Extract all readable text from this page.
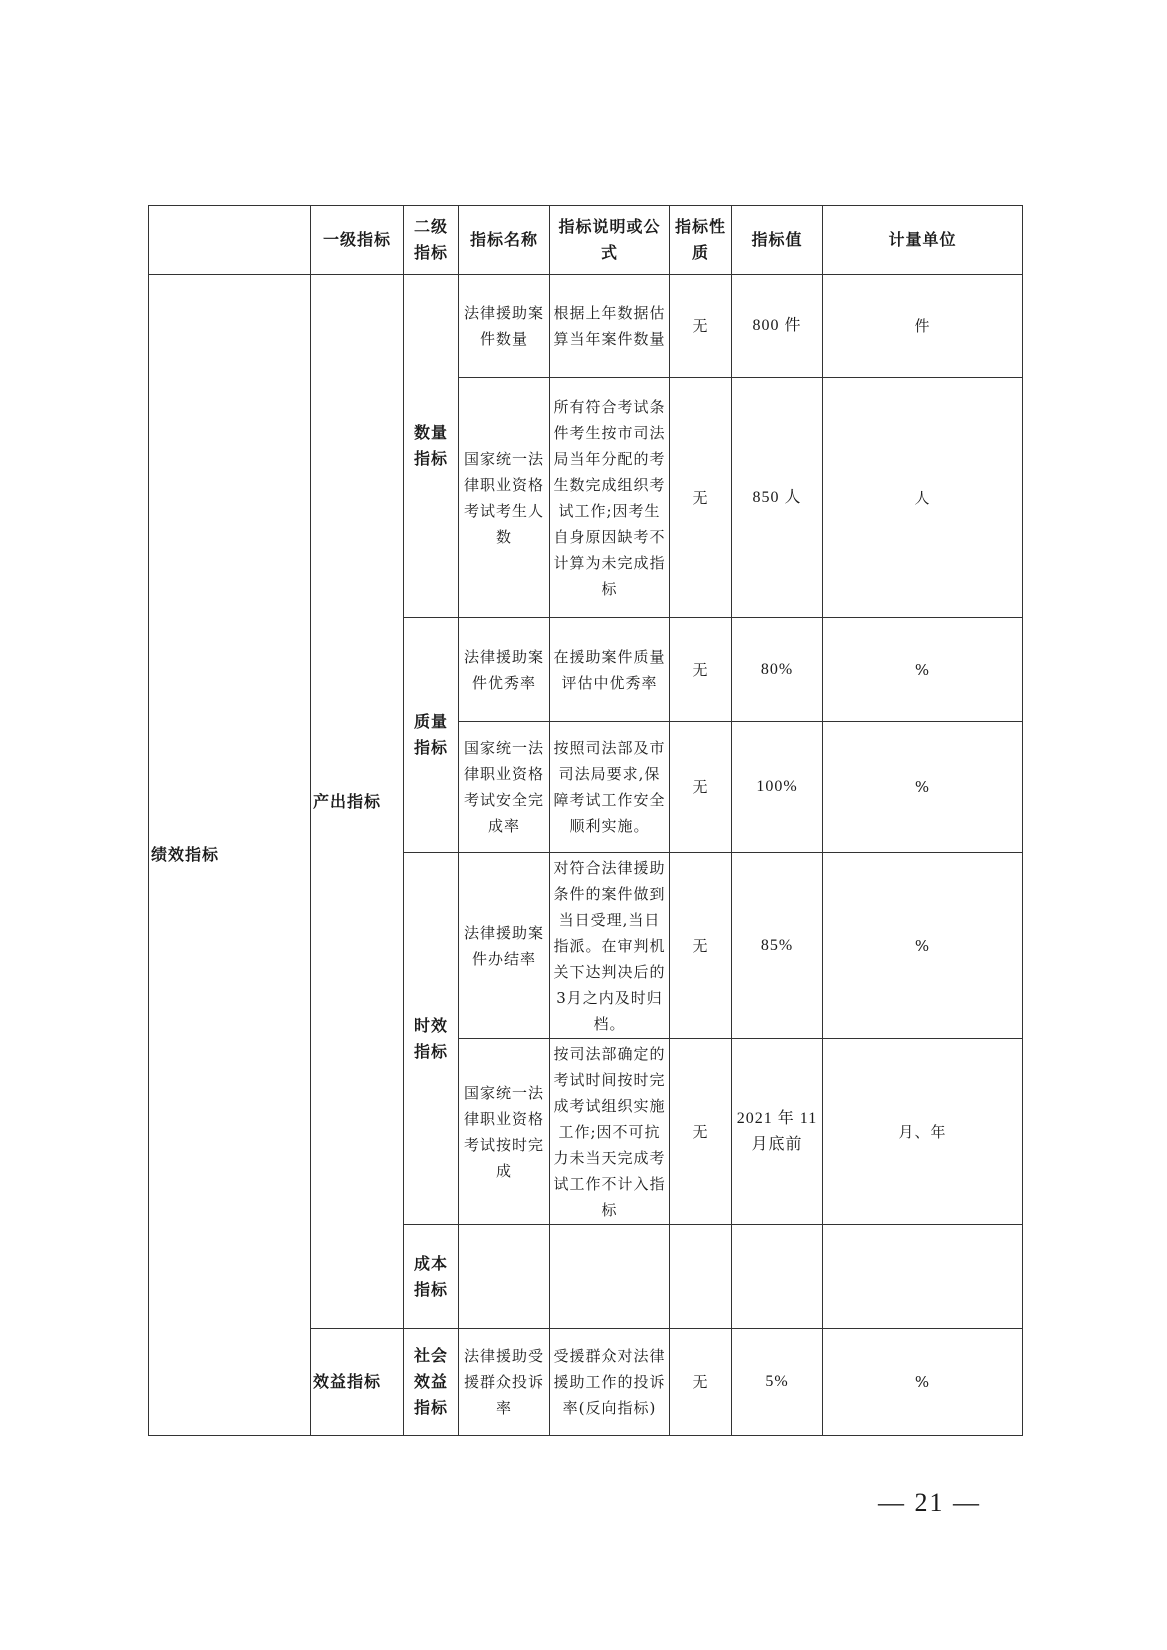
	一级指标	二级指标	指标名称	指标说明或公式	指标性质	指标值	计量单位
绩效指标	产出指标	数量指标	法律援助案件数量	根据上年数据估算当年案件数量	无	800 件	件
			国家统一法律职业资格考试考生人数	所有符合考试条件考生按市司法局当年分配的考生数完成组织考试工作;因考生自身原因缺考不计算为未完成指标	无	850 人	人
		质量指标	法律援助案件优秀率	在援助案件质量评估中优秀率	无	80%	%
			国家统一法律职业资格考试安全完成率	按照司法部及市司法局要求,保障考试工作安全顺利实施。	无	100%	%
		时效指标	法律援助案件办结率	对符合法律援助条件的案件做到当日受理,当日指派。在审判机关下达判决后的3月之内及时归档。	无	85%	%
			国家统一法律职业资格考试按时完成	按司法部确定的考试时间按时完成考试组织实施工作;因不可抗力未当天完成考试工作不计入指标	无	2021 年 11 月底前	月、年
		成本指标					
	效益指标	社会效益指标	法律援助受援群众投诉率	受援群众对法律援助工作的投诉率(反向指标)	无	5%	%
— 21 —
